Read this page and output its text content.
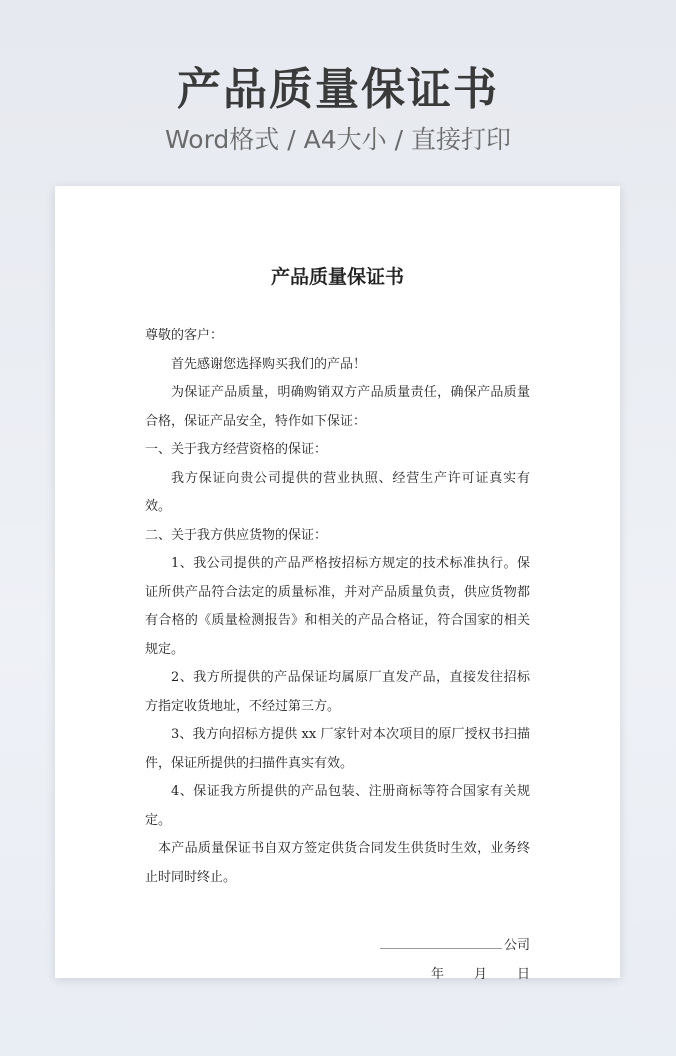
产品质量保证书
Word格式 / A4大小 / 直接打印
产品质量保证书

尊敬的客户：

首先感谢您选择购买我们的产品！

为保证产品质量，明确购销双方产品质量责任，确保产品质量合格，保证产品安全，特作如下保证：

一、关于我方经营资格的保证：

我方保证向贵公司提供的营业执照、经营生产许可证真实有效。

二、关于我方供应货物的保证：

1、我公司提供的产品严格按招标方规定的技术标准执行。保证所供产品符合法定的质量标准，并对产品质量负责，供应货物都有合格的《质量检测报告》和相关的产品合格证，符合国家的相关规定。

2、我方所提供的产品保证均属原厂直发产品，直接发往招标方指定收货地址，不经过第三方。

3、我方向招标方提供 xx 厂家针对本次项目的原厂授权书扫描件，保证所提供的扫描件真实有效。

4、保证我方所提供的产品包装、注册商标等符合国家有关规定。

本产品质量保证书自双方签定供货合同发生供货时生效，业务终止时同时终止。

公司
年 月 日
